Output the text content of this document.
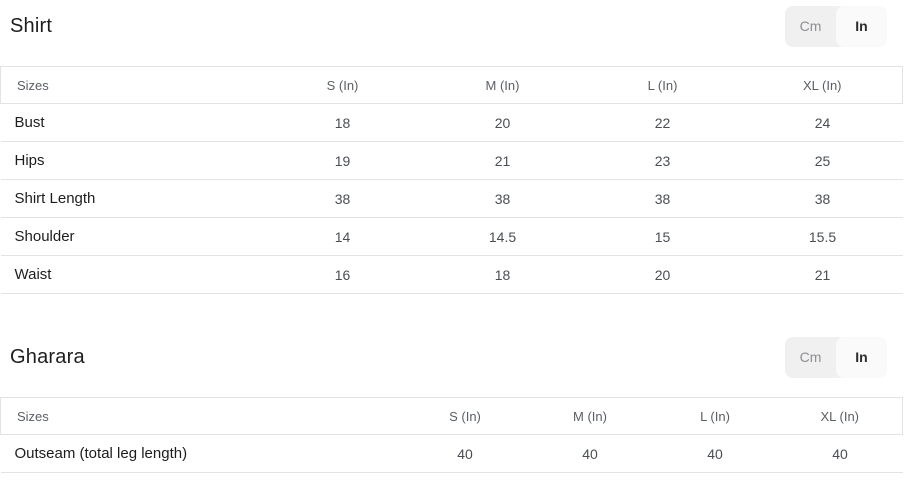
Shirt	Cm	In
Sizes	S (In)	M (In)	L (In)	XL (In)
Bust	18	20	22	24
Hips	19	21	23	25
Shirt Length	38	38	38	38
Shoulder	14	14.5	15	15.5
Waist	16	18	20	21
Gharara	Cm	In
Sizes	S (In)	M (In)	L (In)	XL (In)
Outseam (total leg length)	40	40	40	40
